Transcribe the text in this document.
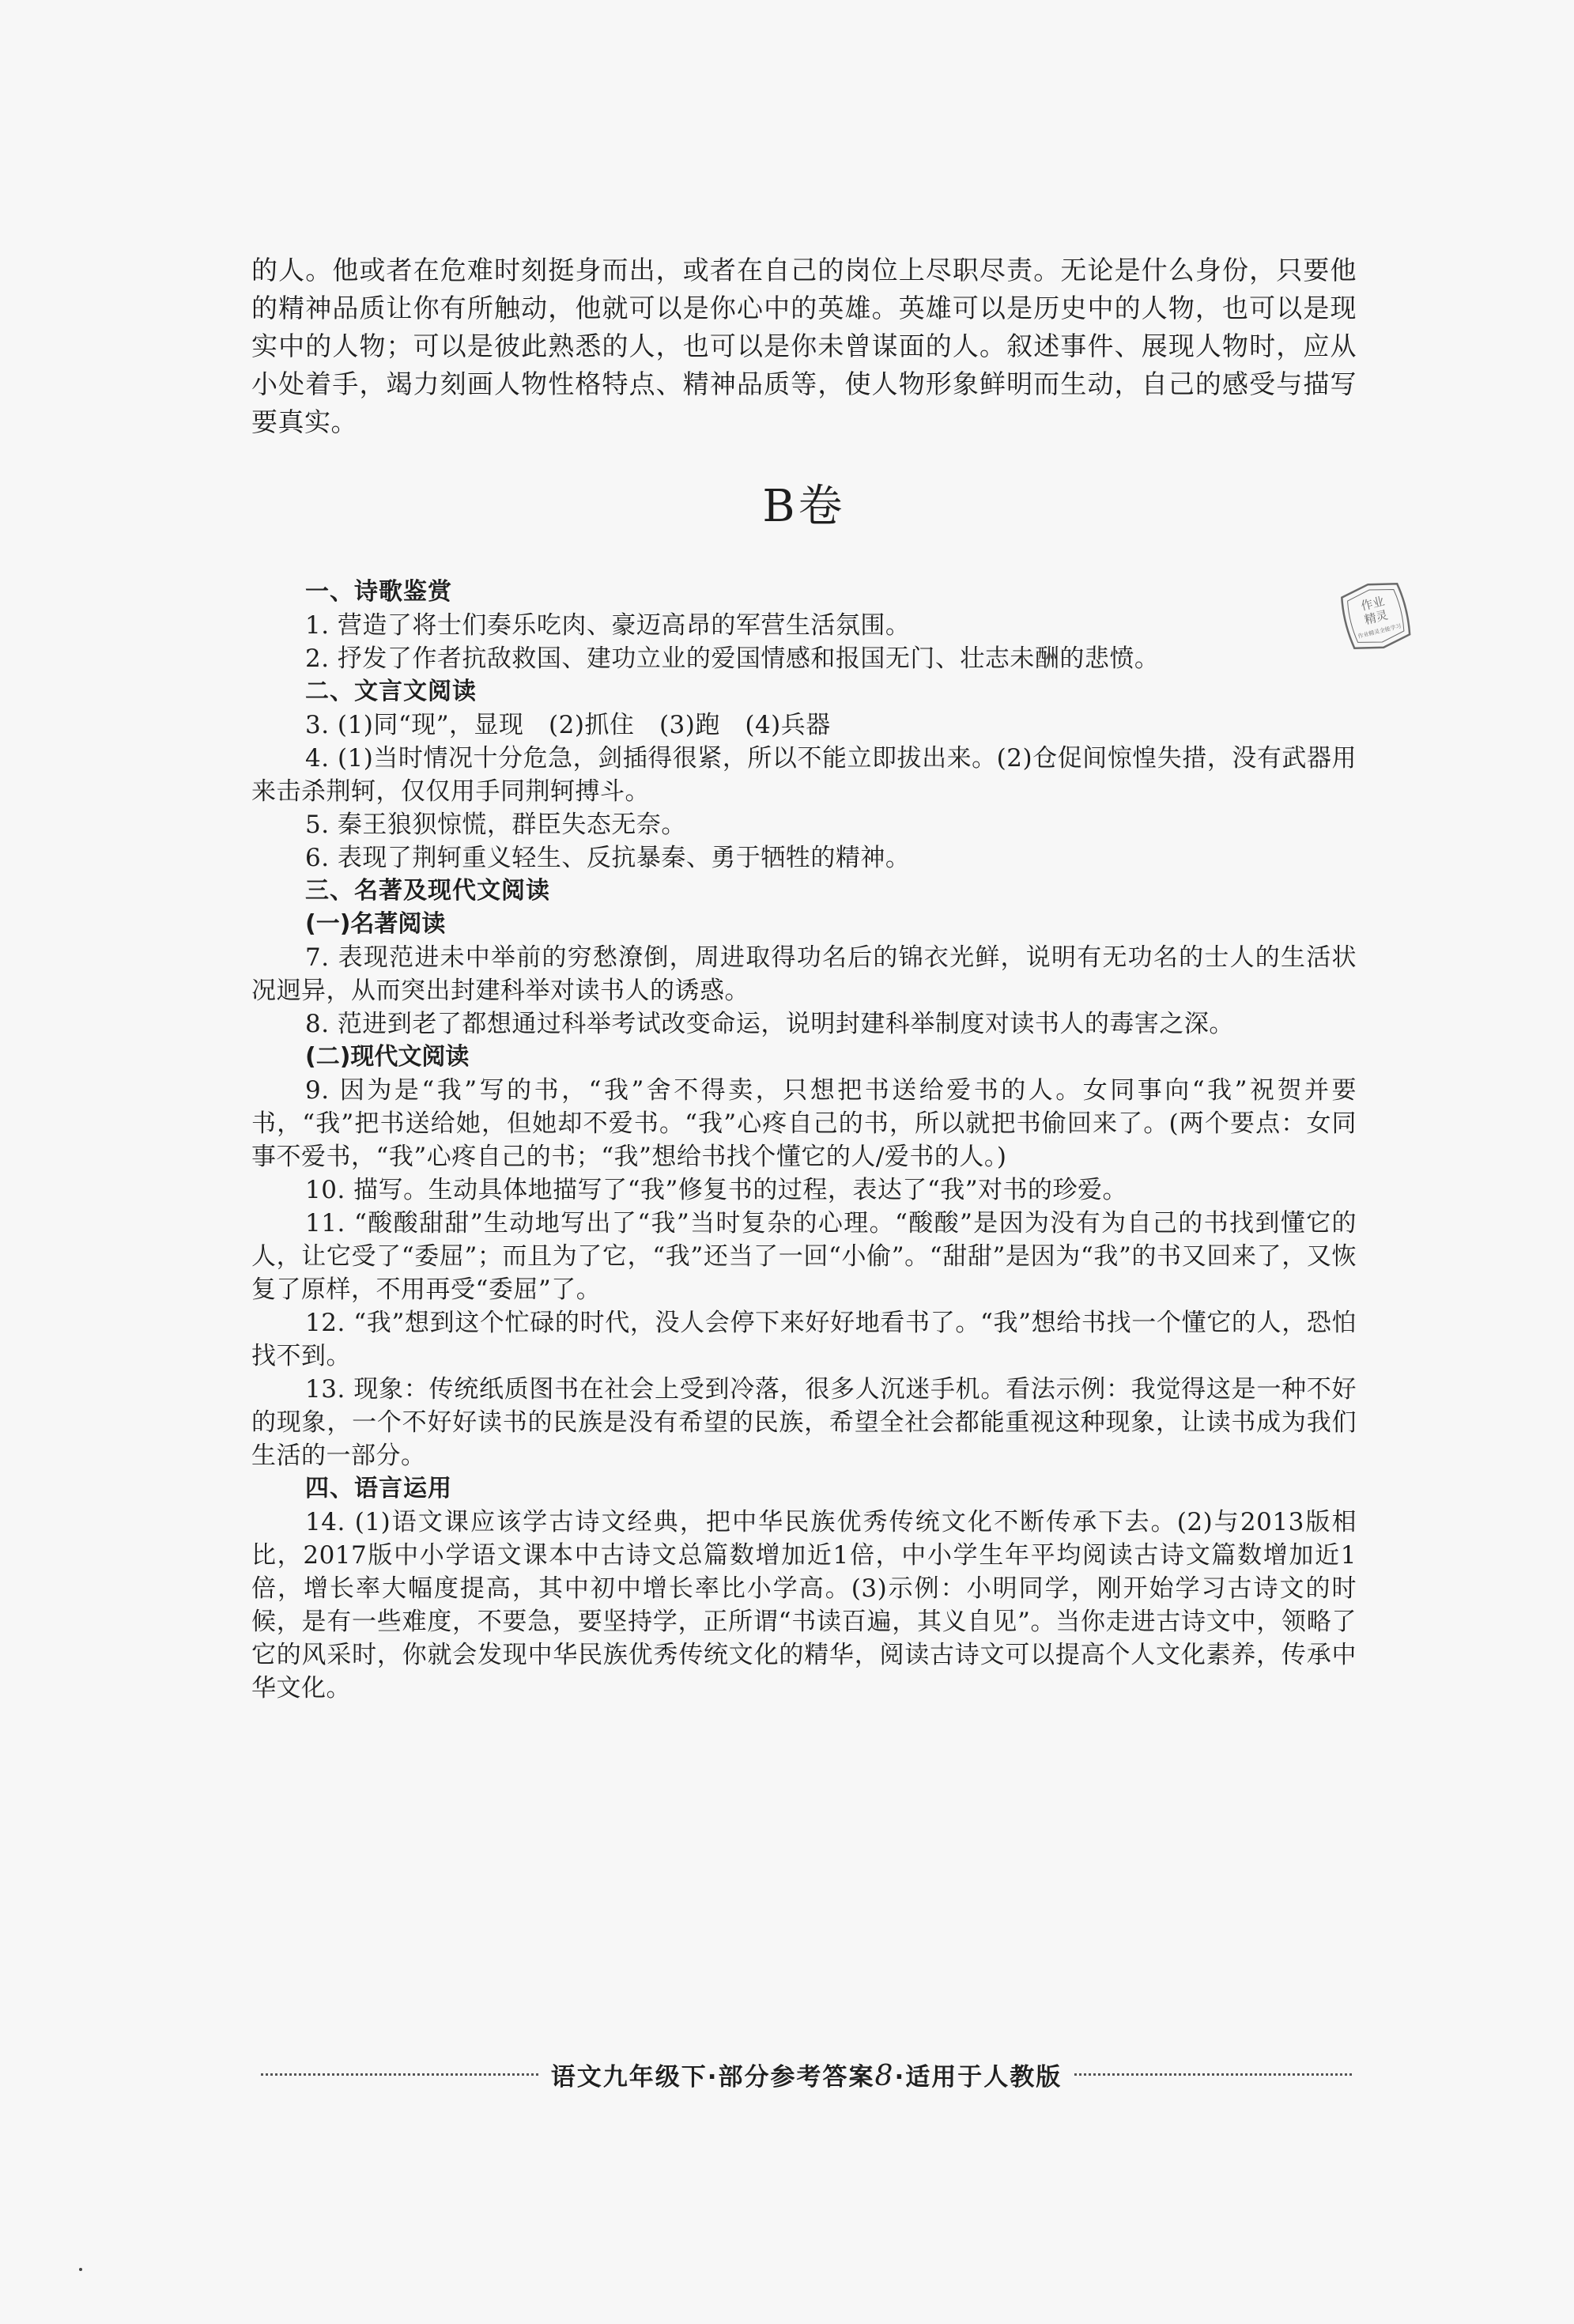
的人。他或者在危难时刻挺身而出，或者在自己的岗位上尽职尽责。无论是什么身份，只要他的精神品质让你有所触动，他就可以是你心中的英雄。英雄可以是历史中的人物，也可以是现实中的人物；可以是彼此熟悉的人，也可以是你未曾谋面的人。叙述事件、展现人物时，应从小处着手，竭力刻画人物性格特点、精神品质等，使人物形象鲜明而生动，自己的感受与描写要真实。

B卷

一、诗歌鉴赏

1. 营造了将士们奏乐吃肉、豪迈高昂的军营生活氛围。

2. 抒发了作者抗敌救国、建功立业的爱国情感和报国无门、壮志未酬的悲愤。

二、文言文阅读

3. (1)同“现”，显现　(2)抓住　(3)跑　(4)兵器

4. (1)当时情况十分危急，剑插得很紧，所以不能立即拔出来。(2)仓促间惊惶失措，没有武器用来击杀荆轲，仅仅用手同荆轲搏斗。

5. 秦王狼狈惊慌，群臣失态无奈。

6. 表现了荆轲重义轻生、反抗暴秦、勇于牺牲的精神。

三、名著及现代文阅读

(一)名著阅读

7. 表现范进未中举前的穷愁潦倒，周进取得功名后的锦衣光鲜，说明有无功名的士人的生活状况迥异，从而突出封建科举对读书人的诱惑。

8. 范进到老了都想通过科举考试改变命运，说明封建科举制度对读书人的毒害之深。

(二)现代文阅读

9. 因为是“我”写的书，“我”舍不得卖，只想把书送给爱书的人。女同事向“我”祝贺并要书，“我”把书送给她，但她却不爱书。“我”心疼自己的书，所以就把书偷回来了。(两个要点：女同事不爱书，“我”心疼自己的书；“我”想给书找个懂它的人/爱书的人。)

10. 描写。生动具体地描写了“我”修复书的过程，表达了“我”对书的珍爱。

11. “酸酸甜甜”生动地写出了“我”当时复杂的心理。“酸酸”是因为没有为自己的书找到懂它的人，让它受了“委屈”；而且为了它，“我”还当了一回“小偷”。“甜甜”是因为“我”的书又回来了，又恢复了原样，不用再受“委屈”了。

12. “我”想到这个忙碌的时代，没人会停下来好好地看书了。“我”想给书找一个懂它的人，恐怕找不到。

13. 现象：传统纸质图书在社会上受到冷落，很多人沉迷手机。看法示例：我觉得这是一种不好的现象，一个不好好读书的民族是没有希望的民族，希望全社会都能重视这种现象，让读书成为我们生活的一部分。

四、语言运用

14. (1)语文课应该学古诗文经典，把中华民族优秀传统文化不断传承下去。(2)与2013版相比，2017版中小学语文课本中古诗文总篇数增加近1倍，中小学生年平均阅读古诗文篇数增加近1倍，增长率大幅度提高，其中初中增长率比小学高。(3)示例：小明同学，刚开始学习古诗文的时候，是有一些难度，不要急，要坚持学，正所谓“书读百遍，其义自见”。当你走进古诗文中，领略了它的风采时，你就会发现中华民族优秀传统文化的精华，阅读古诗文可以提高个人文化素养，传承中华文化。

作业
精灵
作业精灵全能学习
语文九年级下·部分参考答案8·适用于人教版
